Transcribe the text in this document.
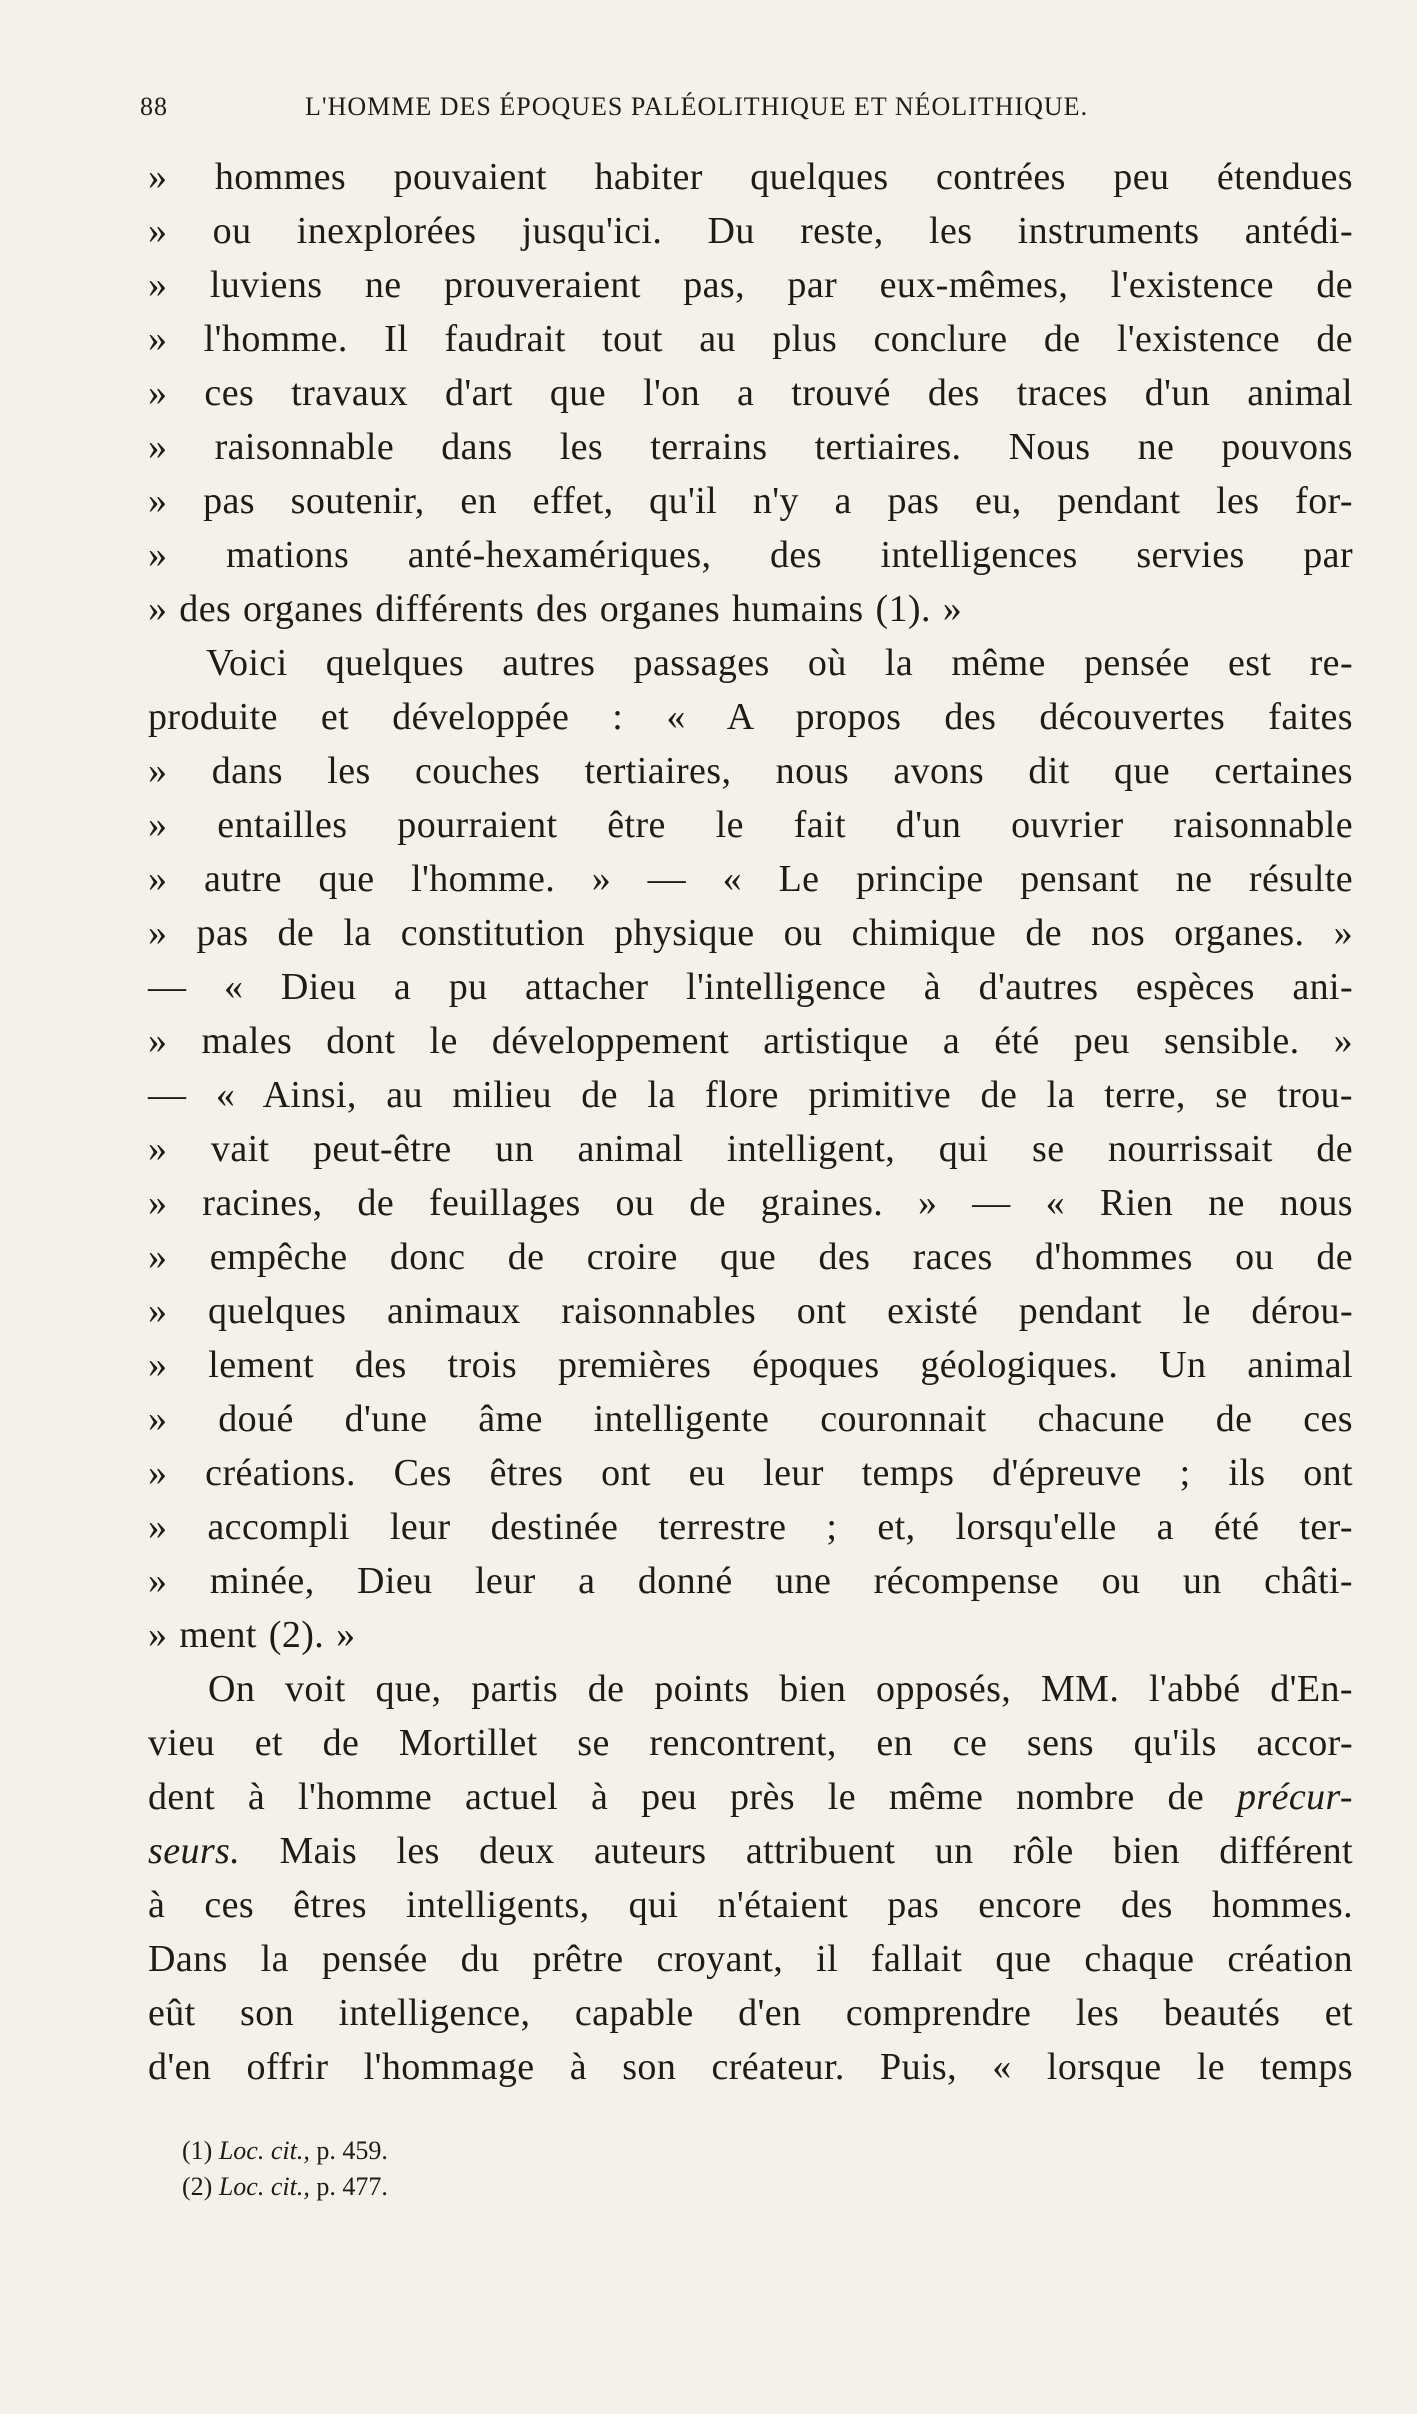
88	L'HOMME DES ÉPOQUES PALÉOLITHIQUE ET NÉOLITHIQUE.
» hommes pouvaient habiter quelques contrées peu étendues
» ou inexplorées jusqu'ici. Du reste, les instruments antédi-
» luviens ne prouveraient pas, par eux-mêmes, l'existence de
» l'homme. Il faudrait tout au plus conclure de l'existence de
» ces travaux d'art que l'on a trouvé des traces d'un animal
» raisonnable dans les terrains tertiaires. Nous ne pouvons
» pas soutenir, en effet, qu'il n'y a pas eu, pendant les for-
» mations anté-hexamériques, des intelligences servies par
» des organes différents des organes humains (1). »
Voici quelques autres passages où la même pensée est re-
produite et développée : « A propos des découvertes faites
» dans les couches tertiaires, nous avons dit que certaines
» entailles pourraient être le fait d'un ouvrier raisonnable
» autre que l'homme. » — « Le principe pensant ne résulte
» pas de la constitution physique ou chimique de nos organes. »
— « Dieu a pu attacher l'intelligence à d'autres espèces ani-
» males dont le développement artistique a été peu sensible. »
— « Ainsi, au milieu de la flore primitive de la terre, se trou-
» vait peut-être un animal intelligent, qui se nourrissait de
» racines, de feuillages ou de graines. » — « Rien ne nous
» empêche donc de croire que des races d'hommes ou de
» quelques animaux raisonnables ont existé pendant le dérou-
» lement des trois premières époques géologiques. Un animal
» doué d'une âme intelligente couronnait chacune de ces
» créations. Ces êtres ont eu leur temps d'épreuve ; ils ont
» accompli leur destinée terrestre ; et, lorsqu'elle a été ter-
» minée, Dieu leur a donné une récompense ou un châti-
» ment (2). »
On voit que, partis de points bien opposés, MM. l'abbé d'En-
vieu et de Mortillet se rencontrent, en ce sens qu'ils accor-
dent à l'homme actuel à peu près le même nombre de précur-
seurs. Mais les deux auteurs attribuent un rôle bien différent
à ces êtres intelligents, qui n'étaient pas encore des hommes.
Dans la pensée du prêtre croyant, il fallait que chaque création
eût son intelligence, capable d'en comprendre les beautés et
d'en offrir l'hommage à son créateur. Puis, « lorsque le temps
(1) Loc. cit., p. 459.
(2) Loc. cit., p. 477.
